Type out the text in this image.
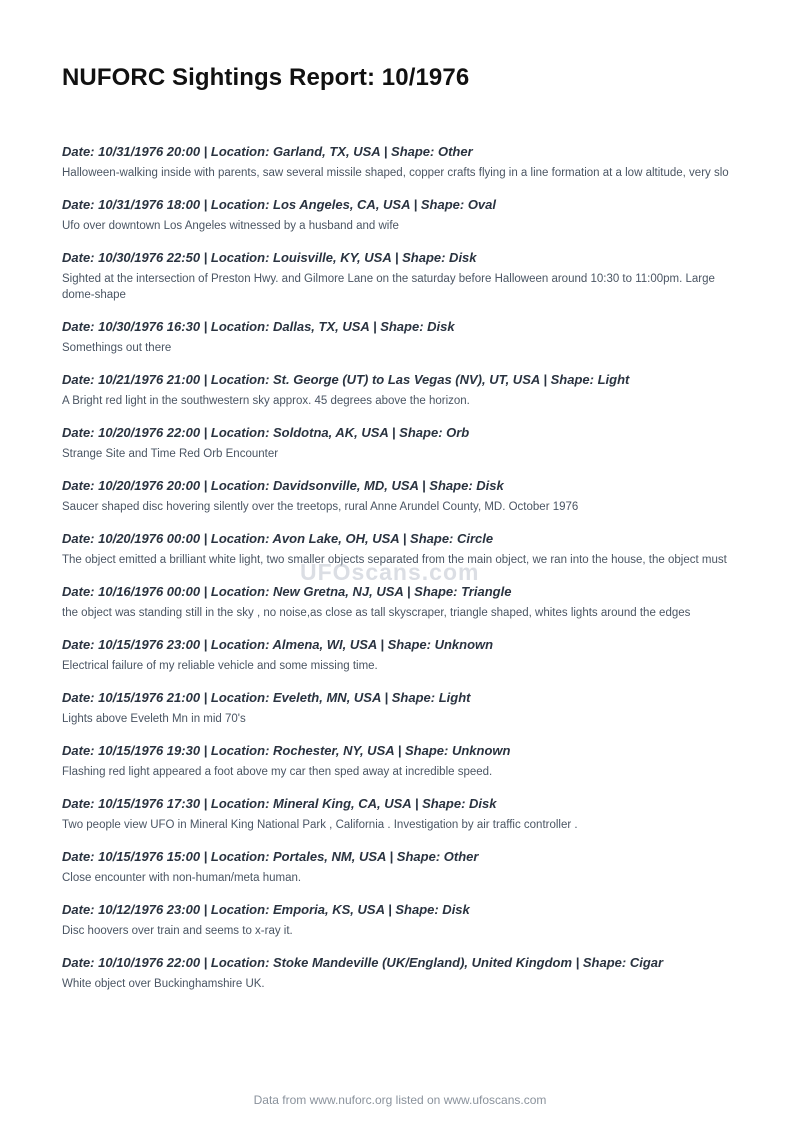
NUFORC Sightings Report: 10/1976

Date: 10/31/1976 20:00 | Location: Garland, TX, USA | Shape: Other

Halloween-walking inside with parents, saw several missile shaped, copper crafts flying in a line formation at a low altitude, very slo

Date: 10/31/1976 18:00 | Location: Los Angeles, CA, USA | Shape: Oval

Ufo over downtown Los Angeles witnessed by a husband and wife

Date: 10/30/1976 22:50 | Location: Louisville, KY, USA | Shape: Disk

Sighted at the intersection of Preston Hwy. and Gilmore Lane on the saturday before Halloween around 10:30 to 11:00pm. Large dome-shape

Date: 10/30/1976 16:30 | Location: Dallas, TX, USA | Shape: Disk

Somethings out there

Date: 10/21/1976 21:00 | Location: St. George (UT) to Las Vegas (NV), UT, USA | Shape: Light

A Bright red light in the southwestern sky approx. 45 degrees above the horizon.

Date: 10/20/1976 22:00 | Location: Soldotna, AK, USA | Shape: Orb

Strange Site and Time Red Orb Encounter

Date: 10/20/1976 20:00 | Location: Davidsonville, MD, USA | Shape: Disk

Saucer shaped disc hovering silently over the treetops, rural Anne Arundel County, MD. October 1976

Date: 10/20/1976 00:00 | Location: Avon Lake, OH, USA | Shape: Circle

The object emitted a brilliant white light, two smaller objects separated from the main object, we ran into the house, the object must

Date: 10/16/1976 00:00 | Location: New Gretna, NJ, USA | Shape: Triangle

the object was standing still in the sky , no noise,as close as tall skyscraper, triangle shaped, whites lights around the edges

Date: 10/15/1976 23:00 | Location: Almena, WI, USA | Shape: Unknown

Electrical failure of my reliable vehicle and some missing time.

Date: 10/15/1976 21:00 | Location: Eveleth, MN, USA | Shape: Light

Lights above Eveleth Mn in mid 70's

Date: 10/15/1976 19:30 | Location: Rochester, NY, USA | Shape: Unknown

Flashing red light appeared a foot above my car then sped away at incredible speed.

Date: 10/15/1976 17:30 | Location: Mineral King, CA, USA | Shape: Disk

Two people view UFO in Mineral King National Park , California . Investigation by air traffic controller .

Date: 10/15/1976 15:00 | Location: Portales, NM, USA | Shape: Other

Close encounter with non-human/meta human.

Date: 10/12/1976 23:00 | Location: Emporia, KS, USA | Shape: Disk

Disc hoovers over train and seems to x-ray it.

Date: 10/10/1976 22:00 | Location: Stoke Mandeville (UK/England), United Kingdom | Shape: Cigar

White object over Buckinghamshire UK.

UFOscans.com
Data from www.nuforc.org listed on www.ufoscans.com
